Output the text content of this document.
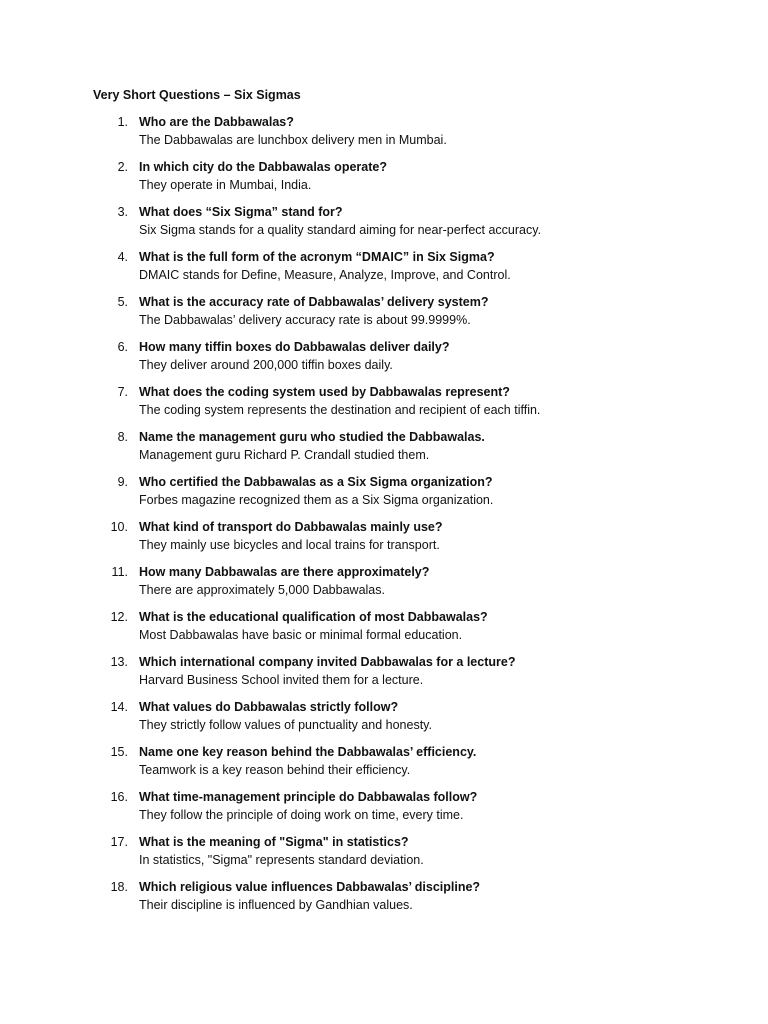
Very Short Questions – Six Sigmas
1. Who are the Dabbawalas?
The Dabbawalas are lunchbox delivery men in Mumbai.
2. In which city do the Dabbawalas operate?
They operate in Mumbai, India.
3. What does “Six Sigma” stand for?
Six Sigma stands for a quality standard aiming for near-perfect accuracy.
4. What is the full form of the acronym “DMAIC” in Six Sigma?
DMAIC stands for Define, Measure, Analyze, Improve, and Control.
5. What is the accuracy rate of Dabbawalas’ delivery system?
The Dabbawalas’ delivery accuracy rate is about 99.9999%.
6. How many tiffin boxes do Dabbawalas deliver daily?
They deliver around 200,000 tiffin boxes daily.
7. What does the coding system used by Dabbawalas represent?
The coding system represents the destination and recipient of each tiffin.
8. Name the management guru who studied the Dabbawalas.
Management guru Richard P. Crandall studied them.
9. Who certified the Dabbawalas as a Six Sigma organization?
Forbes magazine recognized them as a Six Sigma organization.
10. What kind of transport do Dabbawalas mainly use?
They mainly use bicycles and local trains for transport.
11. How many Dabbawalas are there approximately?
There are approximately 5,000 Dabbawalas.
12. What is the educational qualification of most Dabbawalas?
Most Dabbawalas have basic or minimal formal education.
13. Which international company invited Dabbawalas for a lecture?
Harvard Business School invited them for a lecture.
14. What values do Dabbawalas strictly follow?
They strictly follow values of punctuality and honesty.
15. Name one key reason behind the Dabbawalas’ efficiency.
Teamwork is a key reason behind their efficiency.
16. What time-management principle do Dabbawalas follow?
They follow the principle of doing work on time, every time.
17. What is the meaning of "Sigma" in statistics?
In statistics, "Sigma" represents standard deviation.
18. Which religious value influences Dabbawalas’ discipline?
Their discipline is influenced by Gandhian values.
